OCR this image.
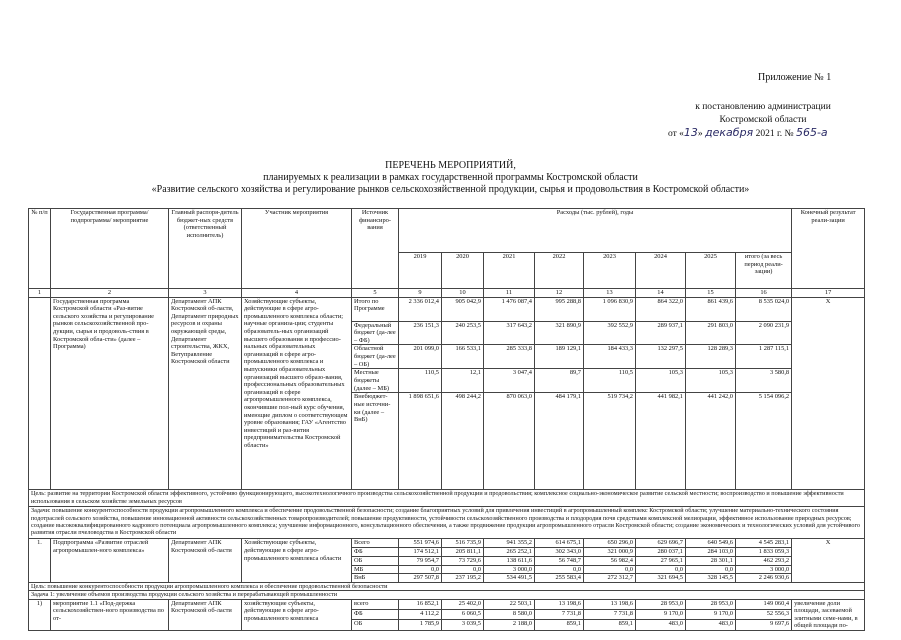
Приложение № 1
к постановлению администрации
Костромской области
от «13» декабря 2021 г. № 565-а
ПЕРЕЧЕНЬ МЕРОПРИЯТИЙ,
планируемых к реализации в рамках государственной программы Костромской области
«Развитие сельского хозяйства и регулирование рынков сельскохозяйственной продукции, сырья и продовольствия в Костромской области»
№ п/п	Государственная программа/ подпрограмма/ мероприятие	Главный распоря-дитель бюджет-ных средств (ответственный исполнитель)	Участник мероприятия	Источник финансиро-вания	Расходы (тыс. рублей), годы								Конечный результат реали-зации
					2019	2020	2021	2022	2023	2024	2025	итого (за весь период реали-зации)	
1	2	3	4	5	9	10	11	12	13	14	15	16	17
	Государственная программа Костромской области «Раз-витие сельского хозяйства и регулирование рынков сельскохозяйственной про-дукции, сырья и продоволь-ствия в Костромской обла-сти» (далее – Программа)	Департамент АПК Костромской об-ласти, Департамент природных ресурсов и охраны окружающей среды, Департамент строительства, ЖКХ, Ветуправление Костромской области	Хозяйствующие субъекты, действующие в сфере агро-промышленного комплекса области; научные организа-ции; студенты образователь-ных организаций высшего образования и профессио-нальных образовательных организаций в сфере агро-промышленного комплекса и выпускники образовательных организаций высшего образо-вания, профессиональных образовательных организаций в сфере агропромышленного комплекса, окончившие пол-ный курс обучения, имеющие диплом о соответствующем уровне образования; ГАУ «Агентство инвестиций и раз-вития предпринимательства Костромской области»	Итого по Программе	2 336 012,4	905 042,9	1 476 087,4	995 288,8	1 096 830,9	864 322,0	861 439,6	8 535 024,0	Х
				Федеральный бюджет (да-лее – ФБ)	236 151,3	240 253,5	317 643,2	321 890,9	392 552,9	289 937,1	291 803,0	2 090 231,9	
				Областной бюджет (да-лее – ОБ)	201 099,0	166 533,1	285 333,8	189 129,1	184 433,3	132 297,5	128 289,3	1 287 115,1	
				Местные бюджеты (далее – МБ)	110,5	12,1	3 047,4	89,7	110,5	105,3	105,3	3 580,8	
				Внебюджет-ные источни-ки (далее – ВнБ)	1 898 651,6	498 244,2	870 063,0	484 179,1	519 734,2	441 982,1	441 242,0	5 154 096,2	
Цель: развитие на территории Костромской области эффективного, устойчиво функционирующего, высокотехнологичного производства сельскохозяйственной продукции и продовольствия; комплексное социально-экономическое развитие сельской местности; воспроизводство и повышение эффективности использования в сельском хозяйстве земельных ресурсов													
Задачи: повышение конкурентоспособности продукции агропромышленного комплекса и обеспечение продовольственной безопасности; создание благоприятных условий для привлечения инвестиций в агропромышленный комплекс Костромской области; улучшение материально-технического состояния подотраслей сельского хозяйства, повышение инновационной активности сельскохозяйственных товаропроизводителей; повышение продуктивности, устойчивости сельскохозяйственного производства и плодородия почв средствами комплексной мелиорации, эффективное использование природных ресурсов; создание высококвалифицированного кадрового потенциала агропромышленного комплекса; улучшение информационного, консультационного обеспечения, а также продвижение продукции агропромышленного отрасли Костромской области; создание экономических и технологических условий для устойчивого развития отрасли пчеловодства в Костромской области													
1.	Подпрограмма «Развитие отраслей агропромышлен-ного комплекса»	Департамент АПК Костромской об-ласти	Хозяйствующие субъекты, действующие в сфере агро-промышленного комплекса области	Всего	551 974,6	516 735,9	941 355,2	614 675,1	650 296,0	629 696,7	640 549,6	4 545 283,1	Х
				ФБ	174 512,1	205 811,1	265 252,1	302 343,0	321 000,9	280 037,1	284 103,0	1 833 059,3	
				ОБ	79 954,7	73 729,6	138 611,6	56 748,7	56 982,4	27 965,1	28 301,1	462 293,2	
				МБ	0,0	0,0	3 000,0	0,0	0,0	0,0	0,0	3 000,0	
				ВнБ	297 507,8	237 195,2	534 491,5	255 583,4	272 312,7	321 694,5	328 145,5	2 246 930,6	
Цель: повышение конкурентоспособности продукции агропромышленного комплекса и обеспечение продовольственной безопасности													
Задача 1: увеличение объемов производства продукции сельского хозяйства и перерабатывающей промышленности													
1)	мероприятие 1.1 «Под-держка сельскохозяйствен-ного производства по от-	Департамент АПК Костромской об-ласти	хозяйствующие субъекты, действующие в сфере агро-промышленного комплекса	всего	16 852,1	25 402,0	22 503,1	13 198,6	13 198,6	28 953,0	28 953,0	149 060,4	увеличение доли площади, засеваемой элитными семе-нами, в общей площади по-
				ФБ	4 112,2	6 060,5	8 580,0	7 731,8	7 731,8	9 170,0	9 170,0	52 556,3	
				ОБ	1 785,9	3 039,5	2 188,0	859,1	859,1	483,0	483,0	9 697,6	
